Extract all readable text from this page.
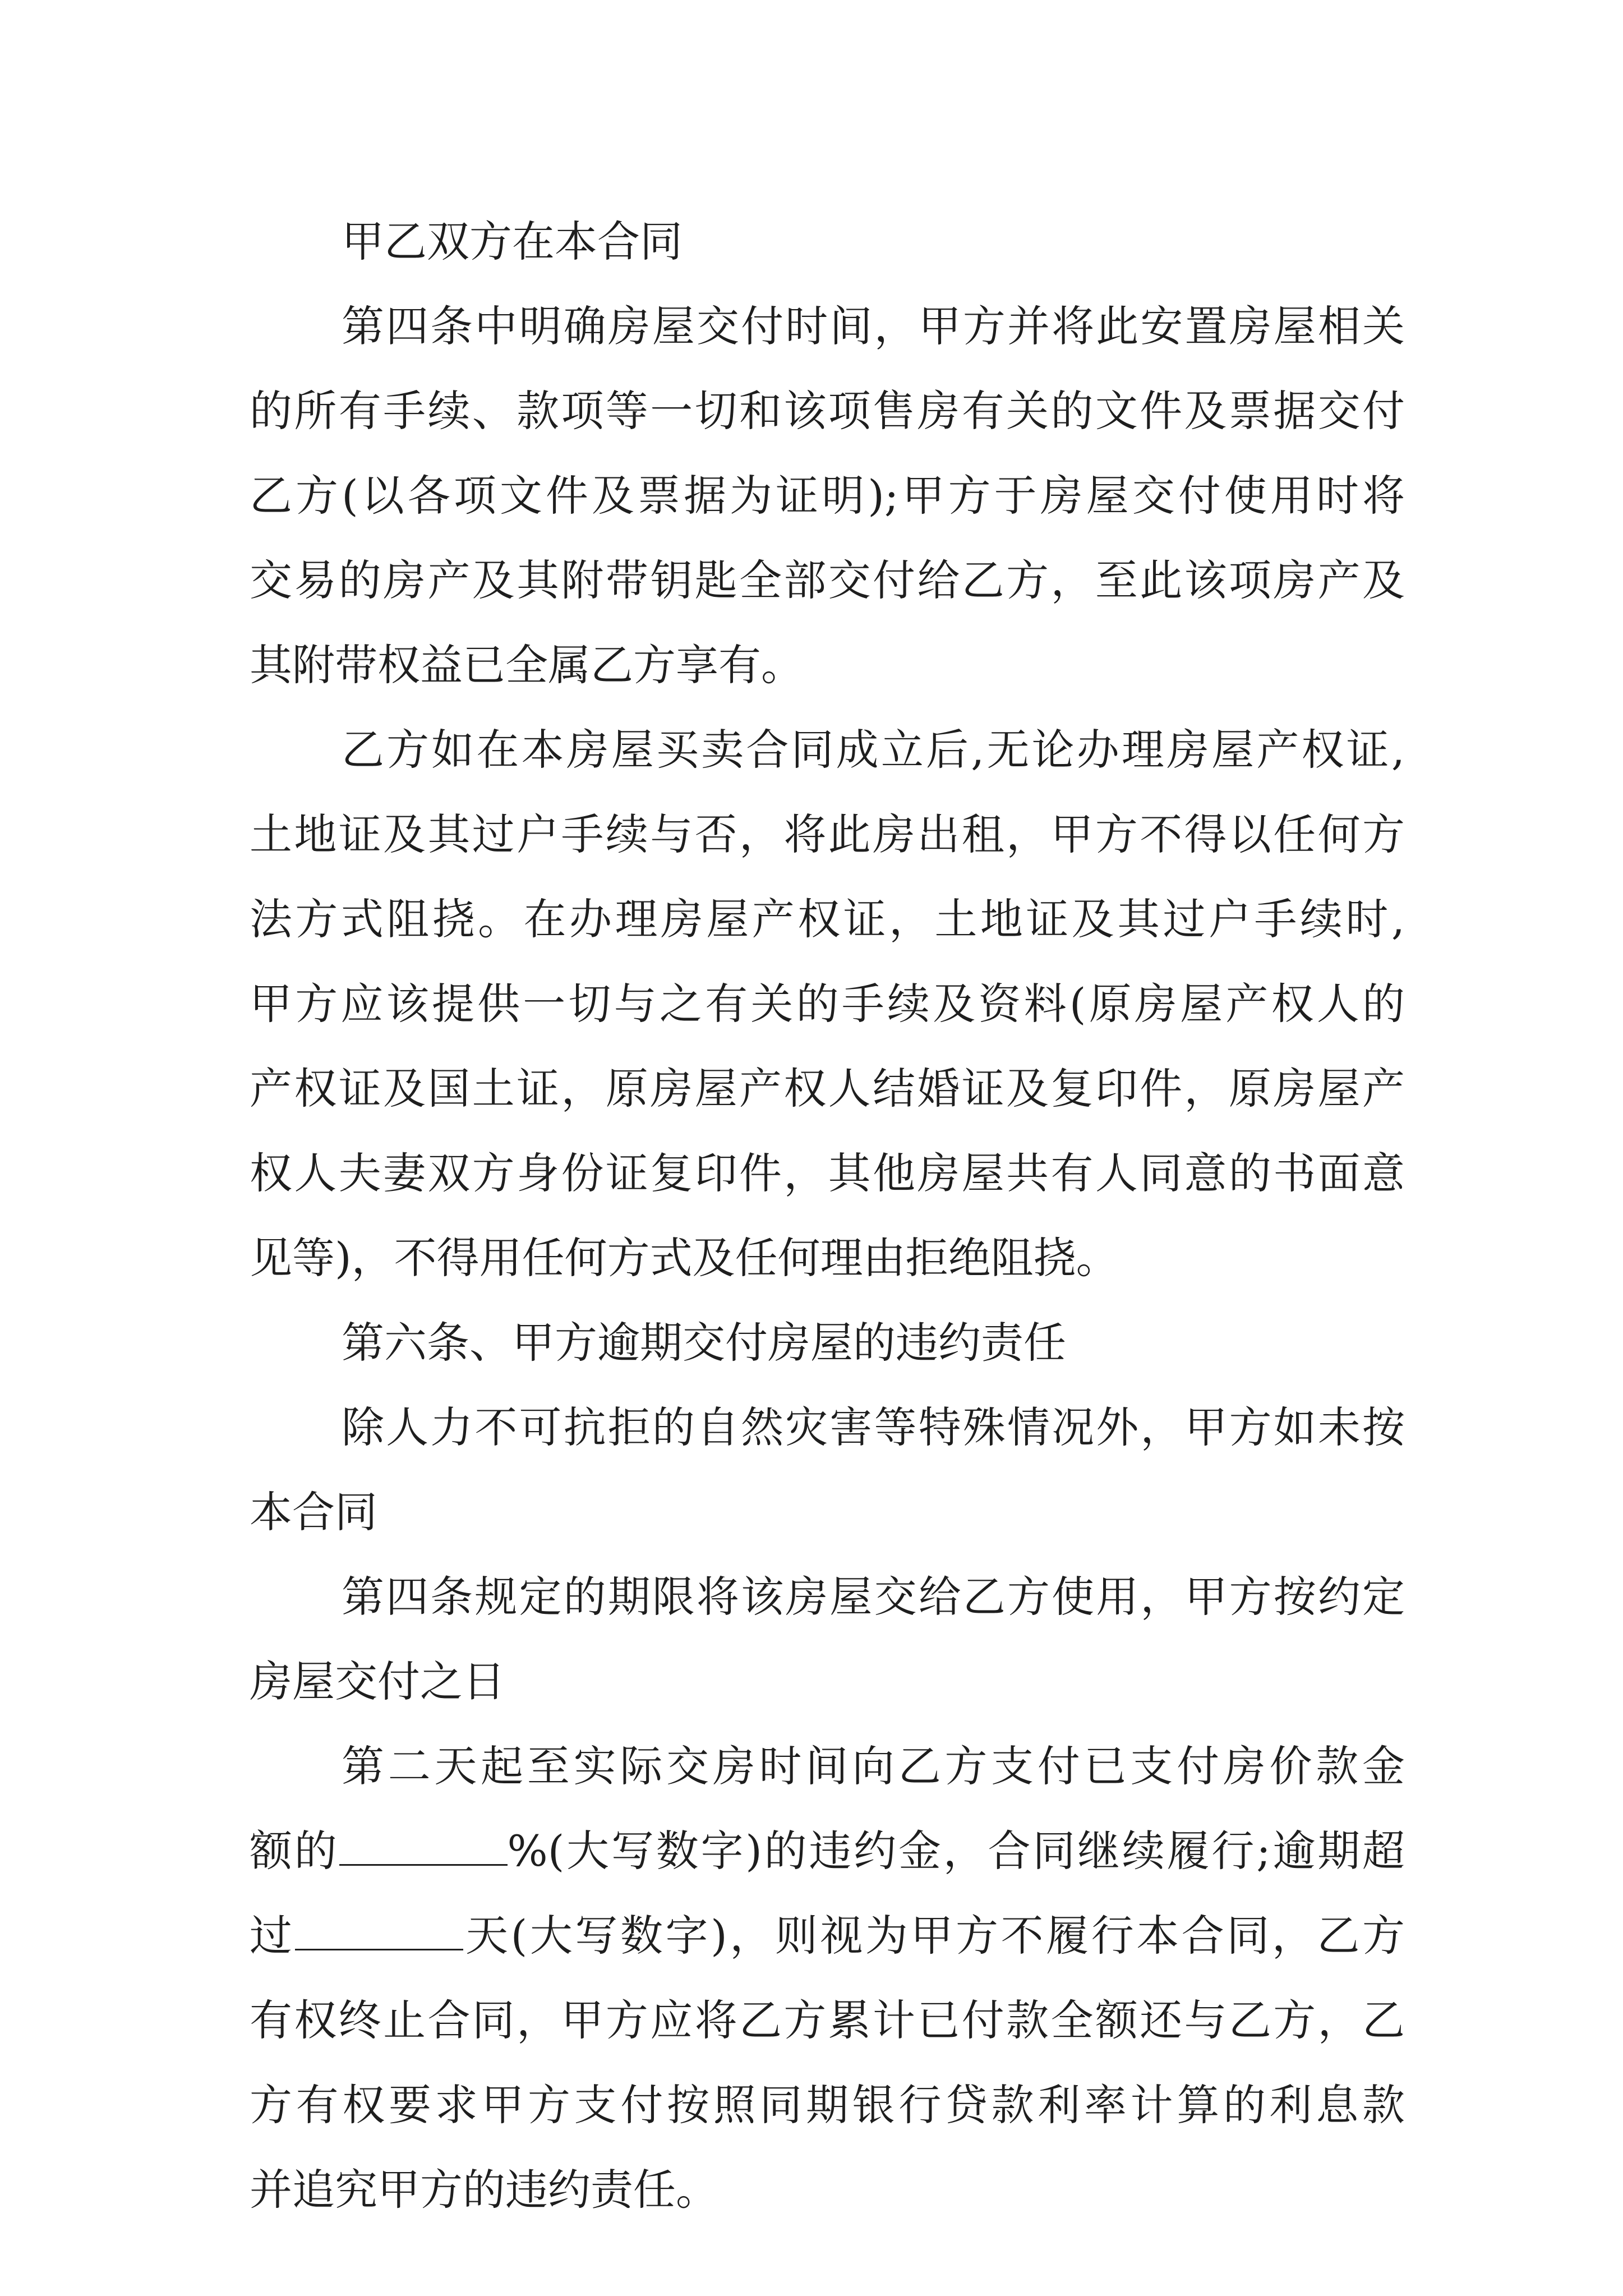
甲乙双方在本合同
第四条中明确房屋交付时间，甲方并将此安置房屋相关
的所有手续、款项等一切和该项售房有关的文件及票据交付
乙方(以各项文件及票据为证明);甲方于房屋交付使用时将
交易的房产及其附带钥匙全部交付给乙方，至此该项房产及
其附带权益已全属乙方享有。
乙方如在本房屋买卖合同成立后,无论办理房屋产权证,
土地证及其过户手续与否，将此房出租，甲方不得以任何方
法方式阻挠。在办理房屋产权证，土地证及其过户手续时,
甲方应该提供一切与之有关的手续及资料(原房屋产权人的
产权证及国土证，原房屋产权人结婚证及复印件，原房屋产
权人夫妻双方身份证复印件，其他房屋共有人同意的书面意
见等)，不得用任何方式及任何理由拒绝阻挠。
第六条、甲方逾期交付房屋的违约责任
除人力不可抗拒的自然灾害等特殊情况外，甲方如未按
本合同
第四条规定的期限将该房屋交给乙方使用，甲方按约定
房屋交付之日
第二天起至实际交房时间向乙方支付已支付房价款金
额的	%(大写数字)的违约金，合同继续履行;逾期超
过	天(大写数字)，则视为甲方不履行本合同，乙方
有权终止合同，甲方应将乙方累计已付款全额还与乙方，乙
方有权要求甲方支付按照同期银行贷款利率计算的利息款
并追究甲方的违约责任。
